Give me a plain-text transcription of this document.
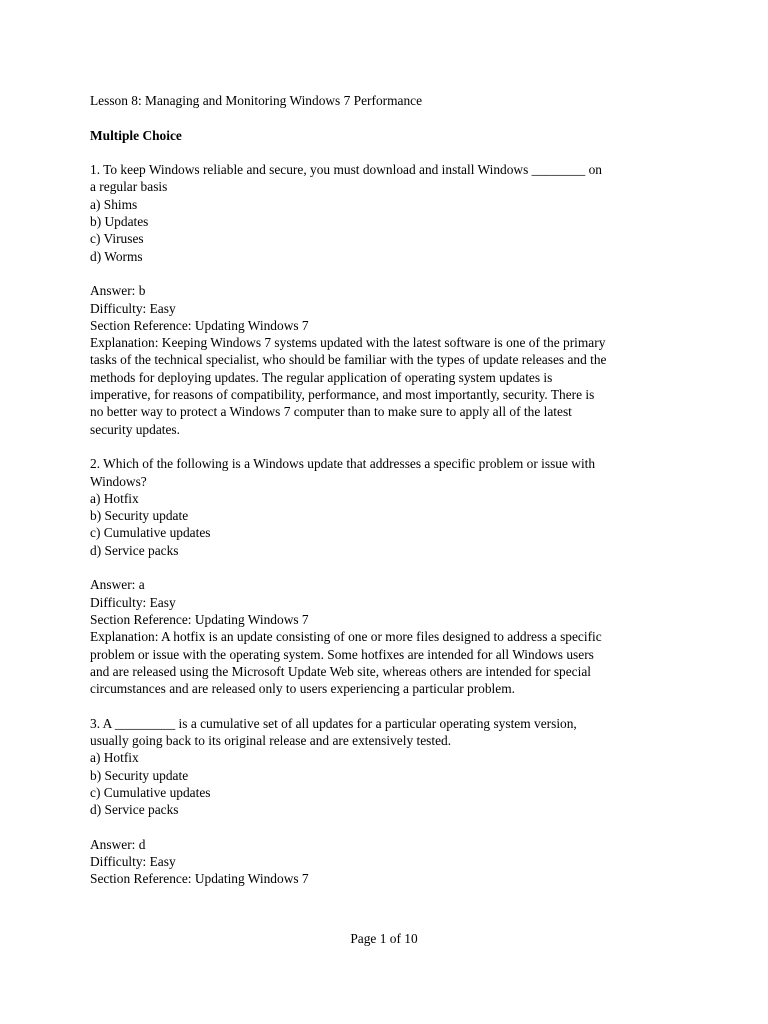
Lesson 8: Managing and Monitoring Windows 7 Performance
Multiple Choice
1. To keep Windows reliable and secure, you must download and install Windows ________ on
a regular basis
a) Shims
b) Updates
c) Viruses
d) Worms
Answer: b
Difficulty: Easy
Section Reference: Updating Windows 7
Explanation: Keeping Windows 7 systems updated with the latest software is one of the primary
tasks of the technical specialist, who should be familiar with the types of update releases and the
methods for deploying updates. The regular application of operating system updates is
imperative, for reasons of compatibility, performance, and most importantly, security. There is
no better way to protect a Windows 7 computer than to make sure to apply all of the latest
security updates.
2. Which of the following is a Windows update that addresses a specific problem or issue with
Windows?
a) Hotfix
b) Security update
c) Cumulative updates
d) Service packs
Answer: a
Difficulty: Easy
Section Reference: Updating Windows 7
Explanation: A hotfix is an update consisting of one or more files designed to address a specific
problem or issue with the operating system. Some hotfixes are intended for all Windows users
and are released using the Microsoft Update Web site, whereas others are intended for special
circumstances and are released only to users experiencing a particular problem.
3. A _________ is a cumulative set of all updates for a particular operating system version,
usually going back to its original release and are extensively tested.
a) Hotfix
b) Security update
c) Cumulative updates
d) Service packs
Answer: d
Difficulty: Easy
Section Reference: Updating Windows 7
Page 1 of 10
